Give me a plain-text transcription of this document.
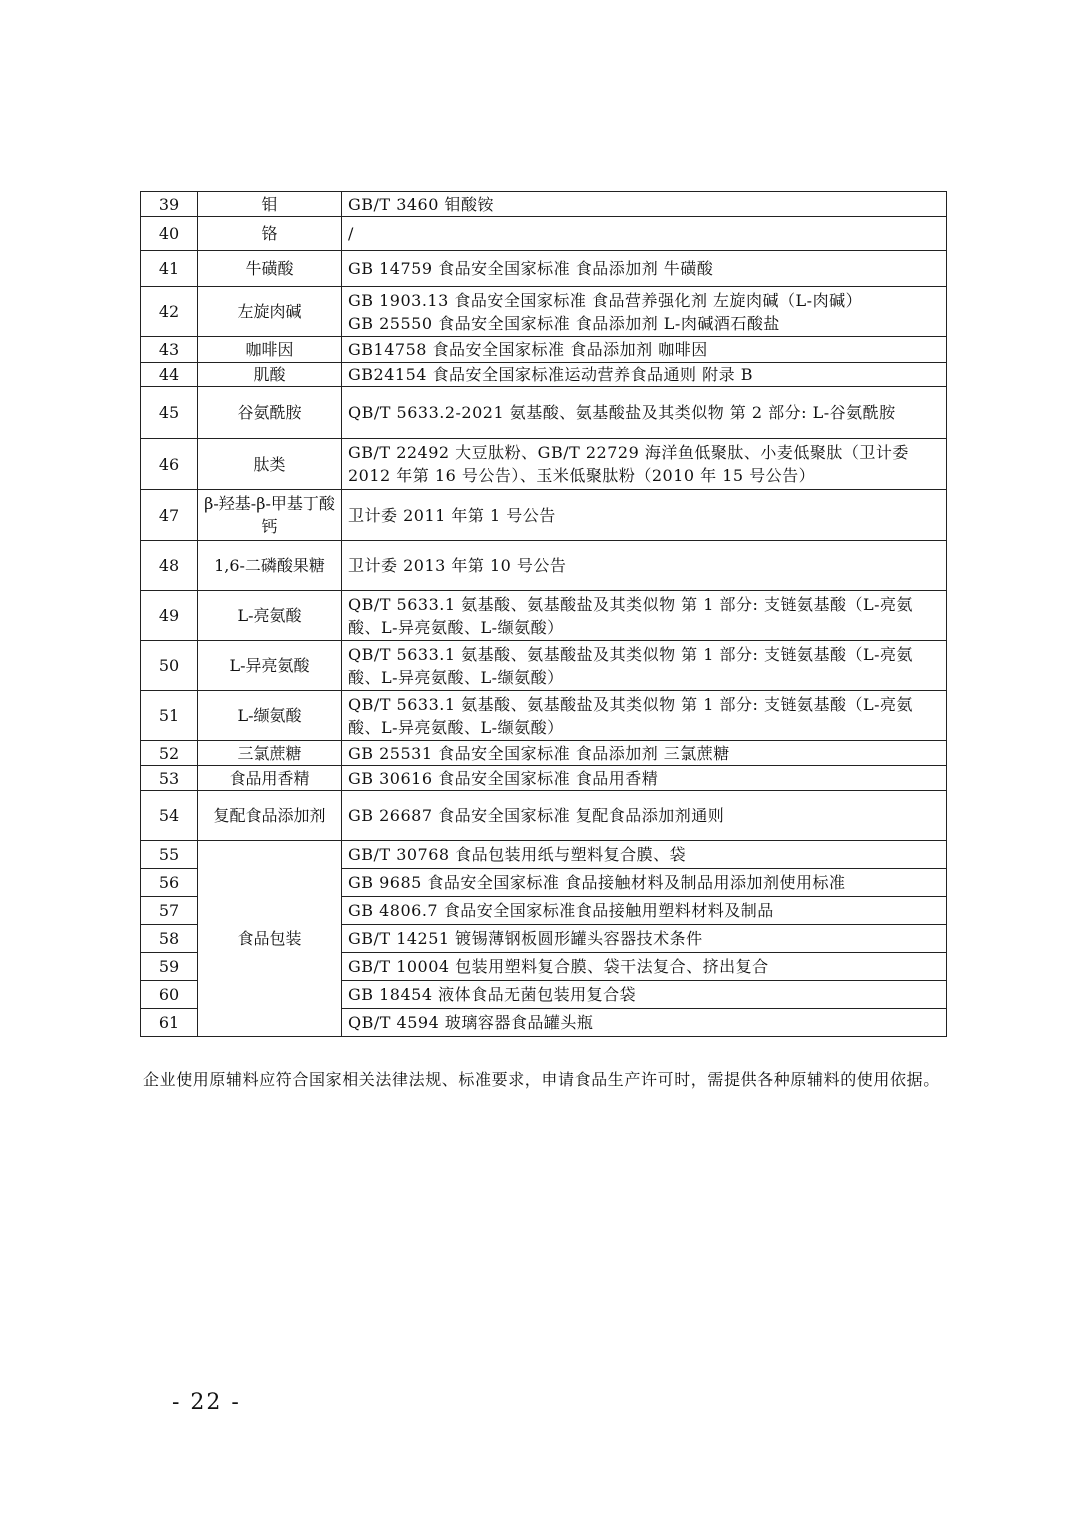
39	钼	GB/T 3460 钼酸铵
40	铬	/
41	牛磺酸	GB 14759 食品安全国家标准 食品添加剂 牛磺酸
42	左旋肉碱	GB 1903.13 食品安全国家标准 食品营养强化剂 左旋肉碱（L-肉碱）
GB 25550 食品安全国家标准 食品添加剂 L-肉碱酒石酸盐
43	咖啡因	GB14758 食品安全国家标准 食品添加剂 咖啡因
44	肌酸	GB24154 食品安全国家标准运动营养食品通则 附录 B
45	谷氨酰胺	QB/T 5633.2-2021 氨基酸、氨基酸盐及其类似物 第 2 部分: L-谷氨酰胺
46	肽类	GB/T 22492 大豆肽粉、GB/T 22729 海洋鱼低聚肽、小麦低聚肽（卫计委 2012 年第 16 号公告）、玉米低聚肽粉（2010 年 15 号公告）
47	β-羟基-β-甲基丁酸钙	卫计委 2011 年第 1 号公告
48	1,6-二磷酸果糖	卫计委 2013 年第 10 号公告
49	L-亮氨酸	QB/T 5633.1 氨基酸、氨基酸盐及其类似物 第 1 部分: 支链氨基酸（L-亮氨酸、L-异亮氨酸、L-缬氨酸）
50	L-异亮氨酸	QB/T 5633.1 氨基酸、氨基酸盐及其类似物 第 1 部分: 支链氨基酸（L-亮氨酸、L-异亮氨酸、L-缬氨酸）
51	L-缬氨酸	QB/T 5633.1 氨基酸、氨基酸盐及其类似物 第 1 部分: 支链氨基酸（L-亮氨酸、L-异亮氨酸、L-缬氨酸）
52	三氯蔗糖	GB 25531 食品安全国家标准 食品添加剂 三氯蔗糖
53	食品用香精	GB 30616 食品安全国家标准 食品用香精
54	复配食品添加剂	GB 26687 食品安全国家标准 复配食品添加剂通则
55	食品包装	GB/T 30768 食品包装用纸与塑料复合膜、袋
56		GB 9685 食品安全国家标准 食品接触材料及制品用添加剂使用标准
57		GB 4806.7 食品安全国家标准食品接触用塑料材料及制品
58		GB/T 14251 镀锡薄钢板圆形罐头容器技术条件
59		GB/T 10004 包装用塑料复合膜、袋干法复合、挤出复合
60		GB 18454 液体食品无菌包装用复合袋
61		QB/T 4594 玻璃容器食品罐头瓶
企业使用原辅料应符合国家相关法律法规、标准要求，申请食品生产许可时，需提供各种原辅料的使用依据。
- 22 -
